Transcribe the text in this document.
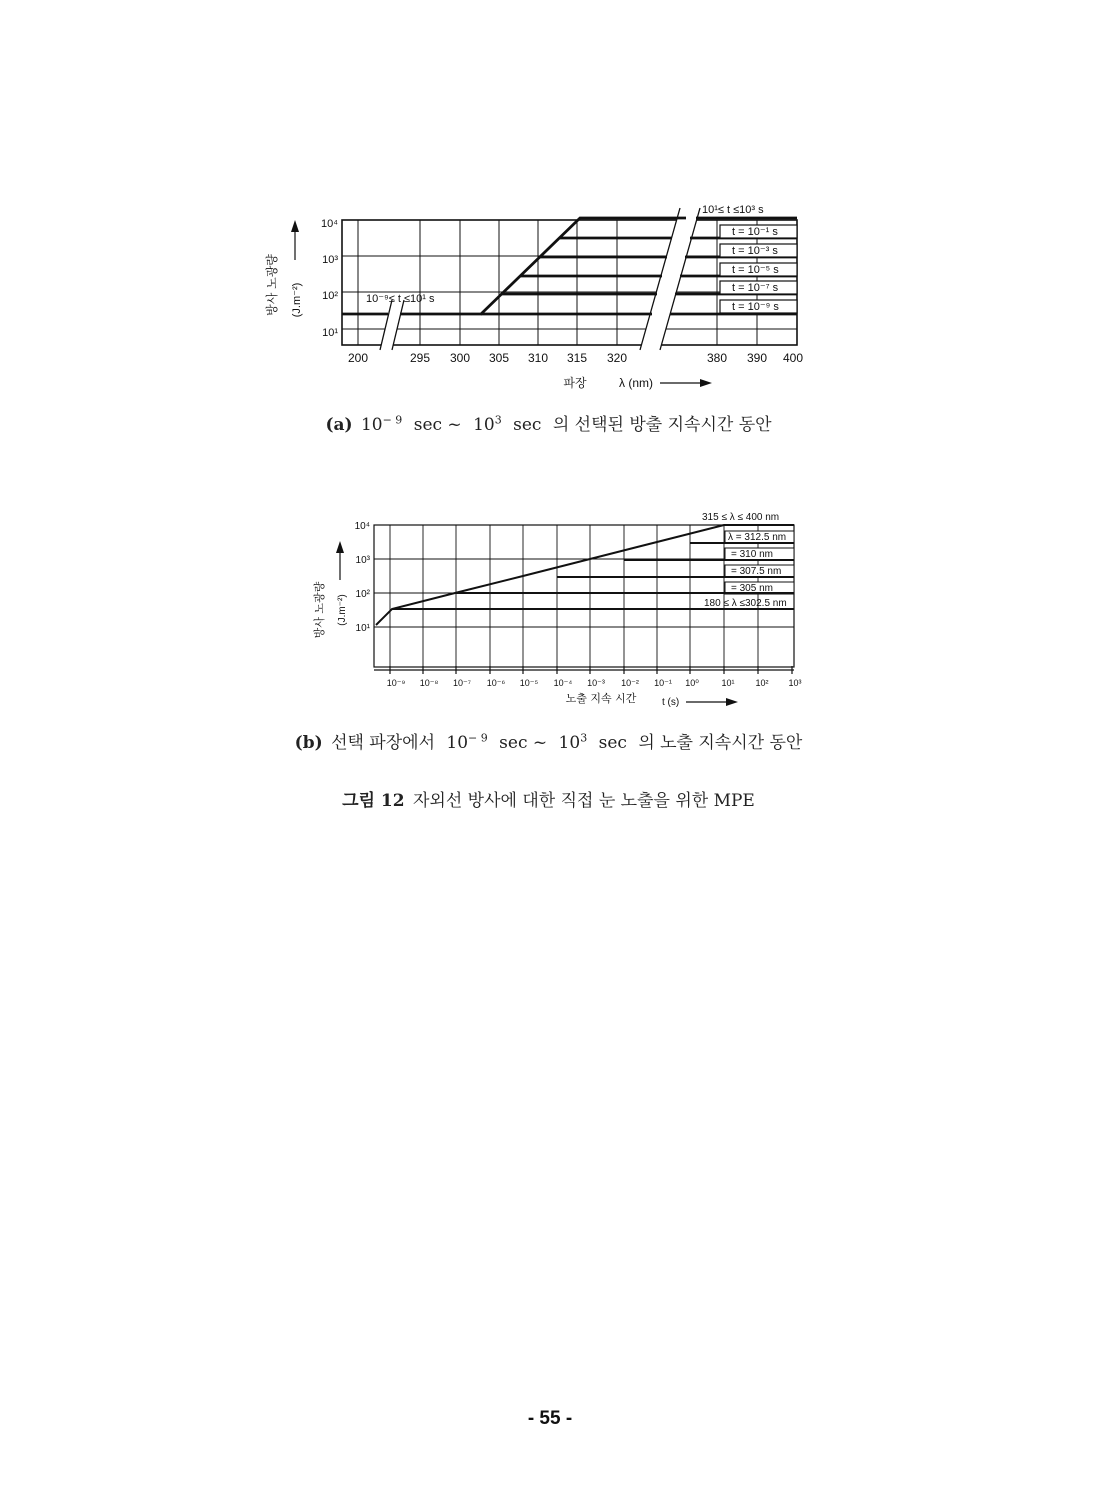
10¹≤ t ≤10³ s
t = 10⁻¹ s
t = 10⁻³ s
t = 10⁻⁵ s
t = 10⁻⁷ s
t = 10⁻⁹ s
10⁻⁹≤ t ≤10¹ s
10⁴
10³
10²
10¹
200	295 300 305 310 315 320	380 390 400
파장	λ (nm)
방사 노광량 (J.m⁻²)
(a) $10^{- 9}$ sec ~ $10^3$ sec 의 선택된 방출 지속시간 동안
315 ≤ λ ≤ 400 nm
λ = 312.5 nm
= 310 nm
= 307.5 nm
= 305 nm
180 ≤ λ ≤302.5 nm
10⁴
10³
10²
10¹
10⁻⁹ 10⁻⁸ 10⁻⁷ 10⁻⁶ 10⁻⁵ 10⁻⁴ 10⁻³ 10⁻² 10⁻¹ 10⁰	10¹ 10² 10³
노출 지속 시간	t (s)
방사 노광량 (J.m⁻²)
(b) 선택 파장에서 $10^{- 9}$ sec ~ $10^3$ sec 의 노출 지속시간 동안
그림 12 자외선 방사에 대한 직접 눈 노출을 위한 MPE
- 55 -
